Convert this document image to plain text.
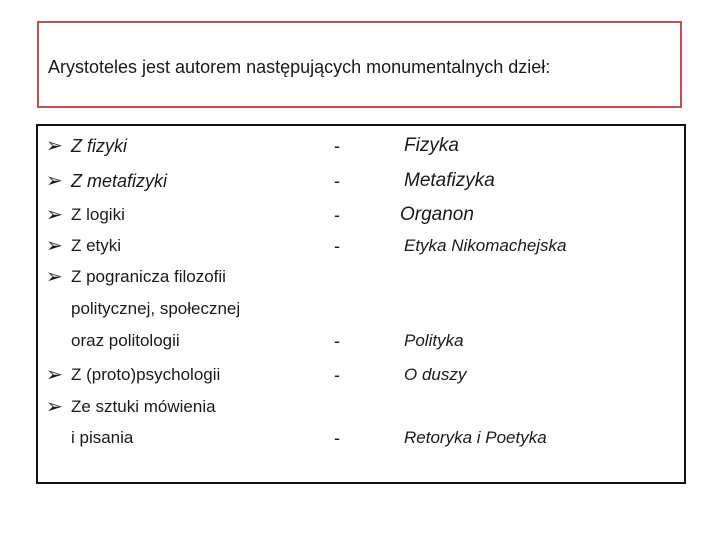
Arystoteles jest autorem następujących monumentalnych dzieł:
➢ Z fizyki	-	Fizyka
➢ Z metafizyki	-	Metafizyka
➢ Z logiki	-	Organon
➢ Z etyki	-	Etyka Nikomachejska
➢ Z pogranicza filozofii
politycznej, społecznej
oraz politologii	-	Polityka
➢ Z (proto)psychologii	-	O duszy
➢ Ze sztuki mówienia
i pisania	-	Retoryka i Poetyka
